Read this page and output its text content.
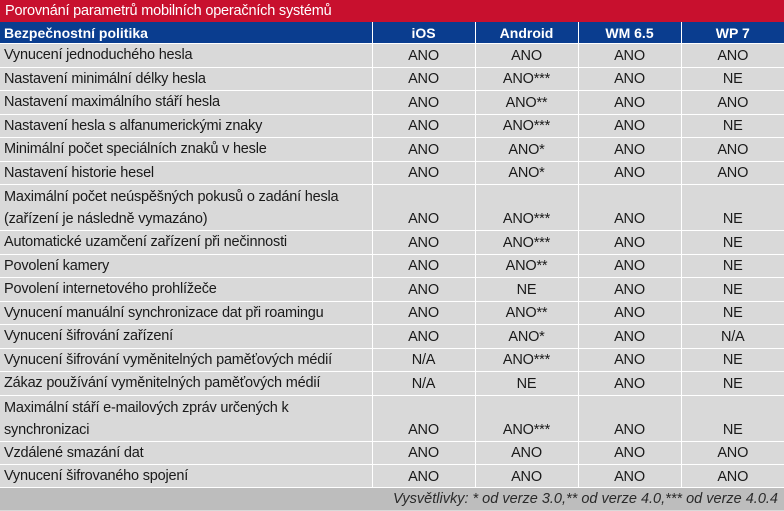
Porovnání parametrů mobilních operačních systémů
Bezpečnostní politika	iOS	Android	WM 6.5	WP 7
Vynucení jednoduchého hesla	ANO	ANO	ANO	ANO
Nastavení minimální délky hesla	ANO	ANO***	ANO	NE
Nastavení maximálního stáří hesla	ANO	ANO**	ANO	ANO
Nastavení hesla s alfanumerickými znaky	ANO	ANO***	ANO	NE
Minimální počet speciálních znaků v hesle	ANO	ANO*	ANO	ANO
Nastavení historie hesel	ANO	ANO*	ANO	ANO
Maximální počet neúspěšných pokusů o zadání hesla (zařízení je následně vymazáno)	ANO	ANO***	ANO	NE
Automatické uzamčení zařízení při nečinnosti	ANO	ANO***	ANO	NE
Povolení kamery	ANO	ANO**	ANO	NE
Povolení internetového prohlížeče	ANO	NE	ANO	NE
Vynucení manuální synchronizace dat při roamingu	ANO	ANO**	ANO	NE
Vynucení šifrování zařízení	ANO	ANO*	ANO	N/A
Vynucení šifrování vyměnitelných paměťových médií	N/A	ANO***	ANO	NE
Zákaz používání vyměnitelných paměťových médií	N/A	NE	ANO	NE
Maximální stáří e-mailových zpráv určených k synchronizaci	ANO	ANO***	ANO	NE
Vzdálené smazání dat	ANO	ANO	ANO	ANO
Vynucení šifrovaného spojení	ANO	ANO	ANO	ANO
Vysvětlivky: * od verze 3.0,** od verze 4.0,*** od verze 4.0.4
